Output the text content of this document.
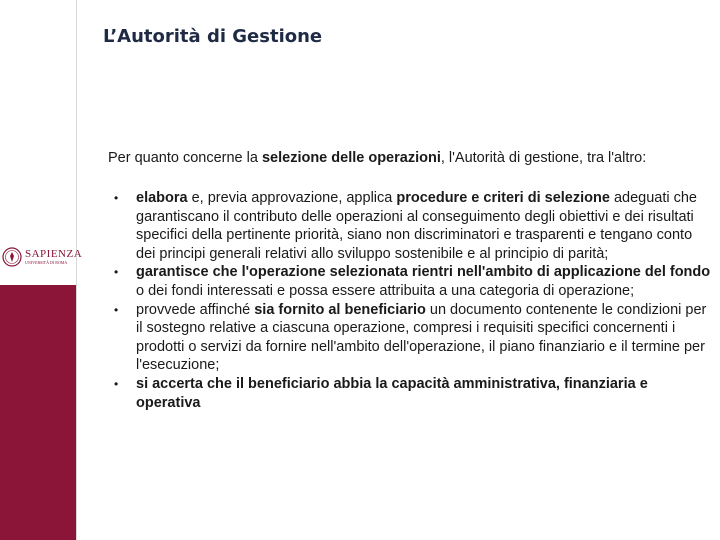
SAPIENZA
UNIVERSITÀ DI ROMA
L’Autorità di Gestione
Per quanto concerne la selezione delle operazioni, l'Autorità di gestione, tra l'altro:
• elabora e, previa approvazione, applica procedure e criteri di selezione adeguati che garantiscano il contributo delle operazioni al conseguimento degli obiettivi e dei risultati specifici della pertinente priorità, siano non discriminatori e trasparenti e tengano conto dei principi generali relativi allo sviluppo sostenibile e al principio di parità;
• garantisce che l'operazione selezionata rientri nell'ambito di applicazione del fondo o dei fondi interessati e possa essere attribuita a una categoria di operazione;
• provvede affinché sia fornito al beneficiario un documento contenente le condizioni per il sostegno relative a ciascuna operazione, compresi i requisiti specifici concernenti i prodotti o servizi da fornire nell'ambito dell'operazione, il piano finanziario e il termine per l'esecuzione;
• si accerta che il beneficiario abbia la capacità amministrativa, finanziaria e operativa
